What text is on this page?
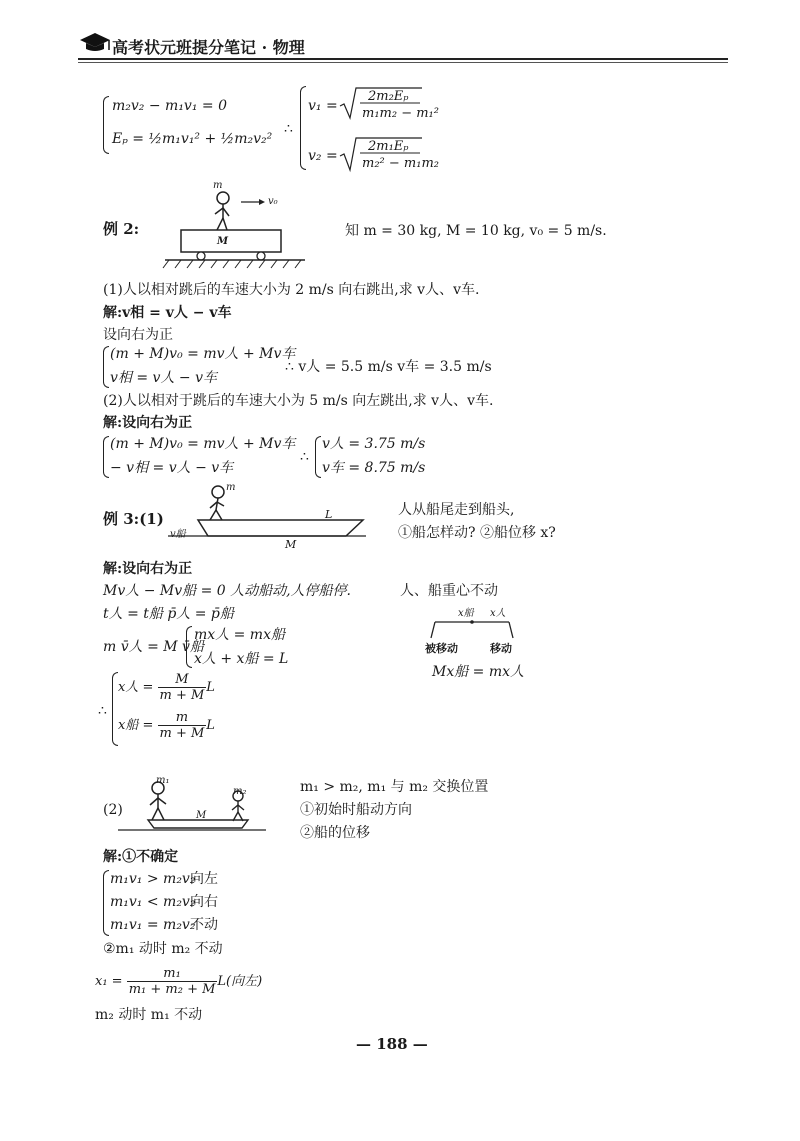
高考状元班提分笔记 · 物理
m₂v₂ − m₁v₁ = 0
Eₚ = ½m₁v₁² + ½m₂v₂²
∴
v₁ =
2m₂Eₚ
m₁m₂ − m₁²
v₂ =
2m₁Eₚ
m₂² − m₁m₂
例 2:
m
v₀
M
知 m = 30 kg, M = 10 kg, v₀ = 5 m/s.
(1)人以相对跳后的车速大小为 2 m/s 向右跳出,求 v人、v车.
解:v相 = v人 − v车
设向右为正
(m + M)v₀ = mv人 + Mv车
v相 = v人 − v车
∴ v人 = 5.5 m/s v车 = 3.5 m/s
(2)人以相对于跳后的车速大小为 5 m/s 向左跳出,求 v人、v车.
解:设向右为正
(m + M)v₀ = mv人 + Mv车
− v相 = v人 − v车
∴
v人 = 3.75 m/s
v车 = 8.75 m/s
例 3:(1)
m
v船
L
M
人从船尾走到船头,
①船怎样动? ②船位移 x?
解:设向右为正
Mv人 − Mv船 = 0 人动船动,人停船停.
t人 = t船 p̄人 = p̄船
m v̄人 = M v̄船
mx人 = mx船
x人 + x船 = L
人、船重心不动
x船 x人
被移动	移动
Mx船 = mx人
∴
x人 = $\frac{M}{m + M}$ L
x船 = $\frac{m}{m + M}$ L
(2)
m₁
m₂
M
m₁ > m₂, m₁ 与 m₂ 交换位置
①初始时船动方向
②船的位移
解:①不确定
m₁v₁ > m₂v₂
向左
m₁v₁ < m₂v₂
向右
m₁v₁ = m₂v₂
不动
②m₁ 动时 m₂ 不动
$x_1 = \frac{\text{m₁}}{\text{m₁ + m₂ + M}} L$(向左)
m₂ 动时 m₁ 不动
— 188 —
